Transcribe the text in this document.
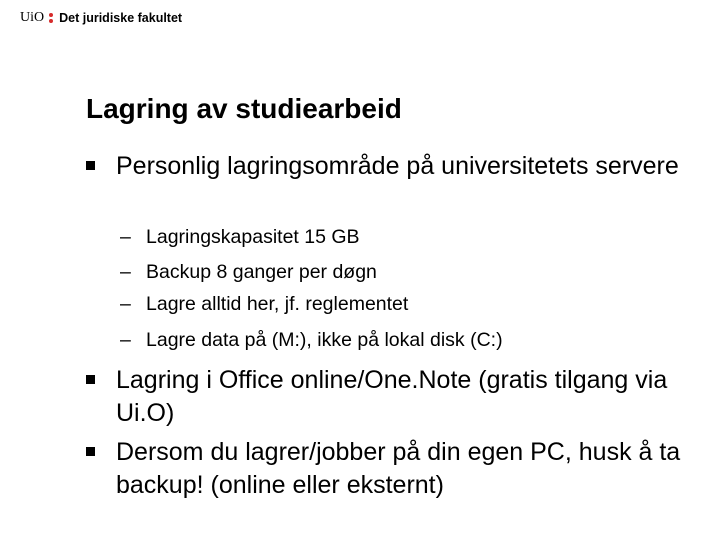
UiO Det juridiske fakultet
Lagring av studiearbeid
Personlig lagringsområde på universitetets servere
– Lagringskapasitet 15 GB
– Backup 8 ganger per døgn
– Lagre alltid her, jf. reglementet
– Lagre data på (M:), ikke på lokal disk (C:)
Lagring i Office online/One.Note (gratis tilgang via Ui.O)
Dersom du lagrer/jobber på din egen PC, husk å ta backup! (online eller eksternt)
